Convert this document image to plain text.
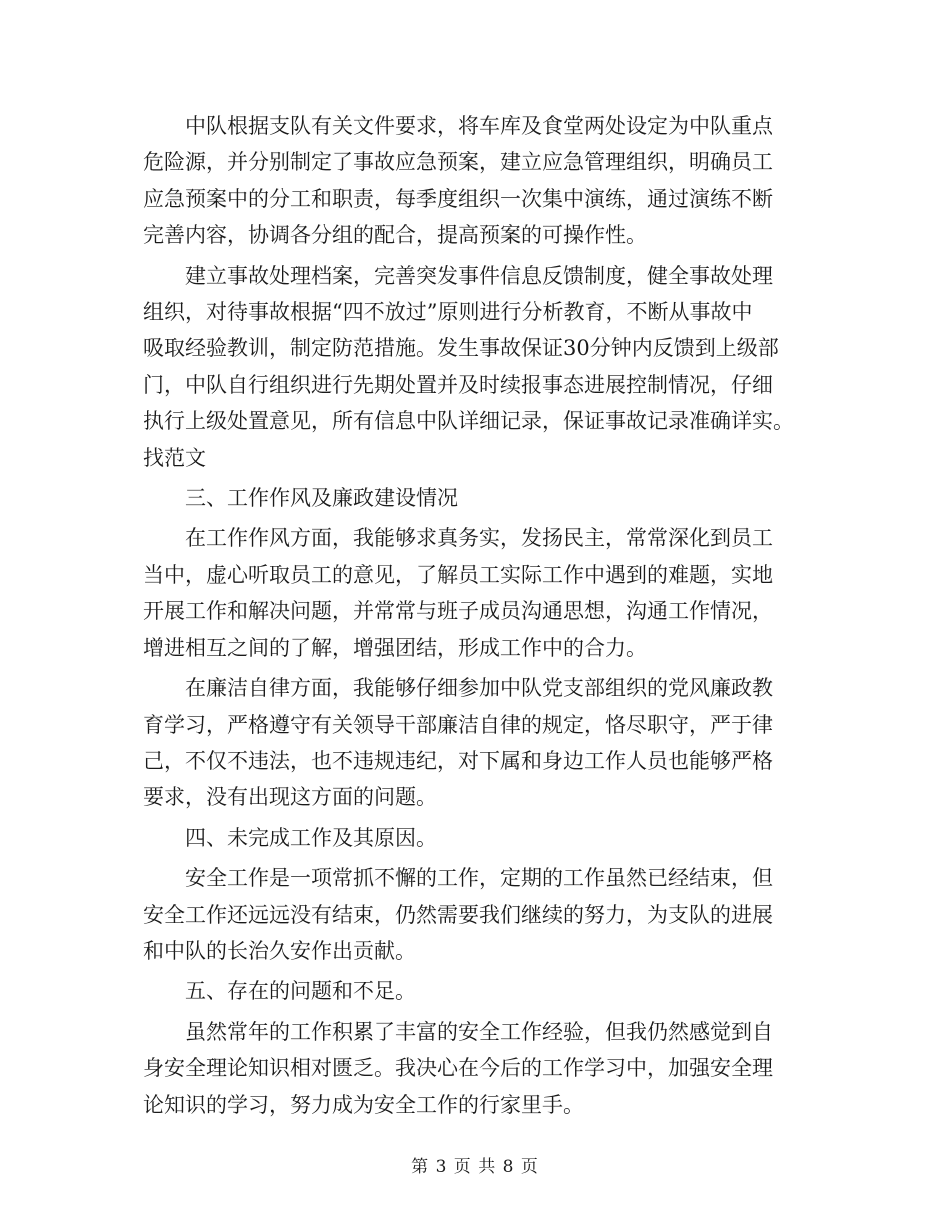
中队根据支队有关文件要求，将车库及食堂两处设定为中队重点
危险源，并分别制定了事故应急预案，建立应急管理组织，明确员工
应急预案中的分工和职责，每季度组织一次集中演练，通过演练不断
完善内容，协调各分组的配合，提高预案的可操作性。

建立事故处理档案，完善突发事件信息反馈制度，健全事故处理
组织，对待事故根据“四不放过”原则进行分析教育，不断从事故中
吸取经验教训，制定防范措施。发生事故保证30分钟内反馈到上级部
门，中队自行组织进行先期处置并及时续报事态进展控制情况，仔细
执行上级处置意见，所有信息中队详细记录，保证事故记录准确详实。
找范文

三、工作作风及廉政建设情况

在工作作风方面，我能够求真务实，发扬民主，常常深化到员工
当中，虚心听取员工的意见，了解员工实际工作中遇到的难题，实地
开展工作和解决问题，并常常与班子成员沟通思想，沟通工作情况，
增进相互之间的了解，增强团结，形成工作中的合力。

在廉洁自律方面，我能够仔细参加中队党支部组织的党风廉政教
育学习，严格遵守有关领导干部廉洁自律的规定，恪尽职守，严于律
己，不仅不违法，也不违规违纪，对下属和身边工作人员也能够严格
要求，没有出现这方面的问题。

四、未完成工作及其原因。

安全工作是一项常抓不懈的工作，定期的工作虽然已经结束，但
安全工作还远远没有结束，仍然需要我们继续的努力，为支队的进展
和中队的长治久安作出贡献。

五、存在的问题和不足。

虽然常年的工作积累了丰富的安全工作经验，但我仍然感觉到自
身安全理论知识相对匮乏。我决心在今后的工作学习中，加强安全理
论知识的学习，努力成为安全工作的行家里手。

第 3 页 共 8 页
